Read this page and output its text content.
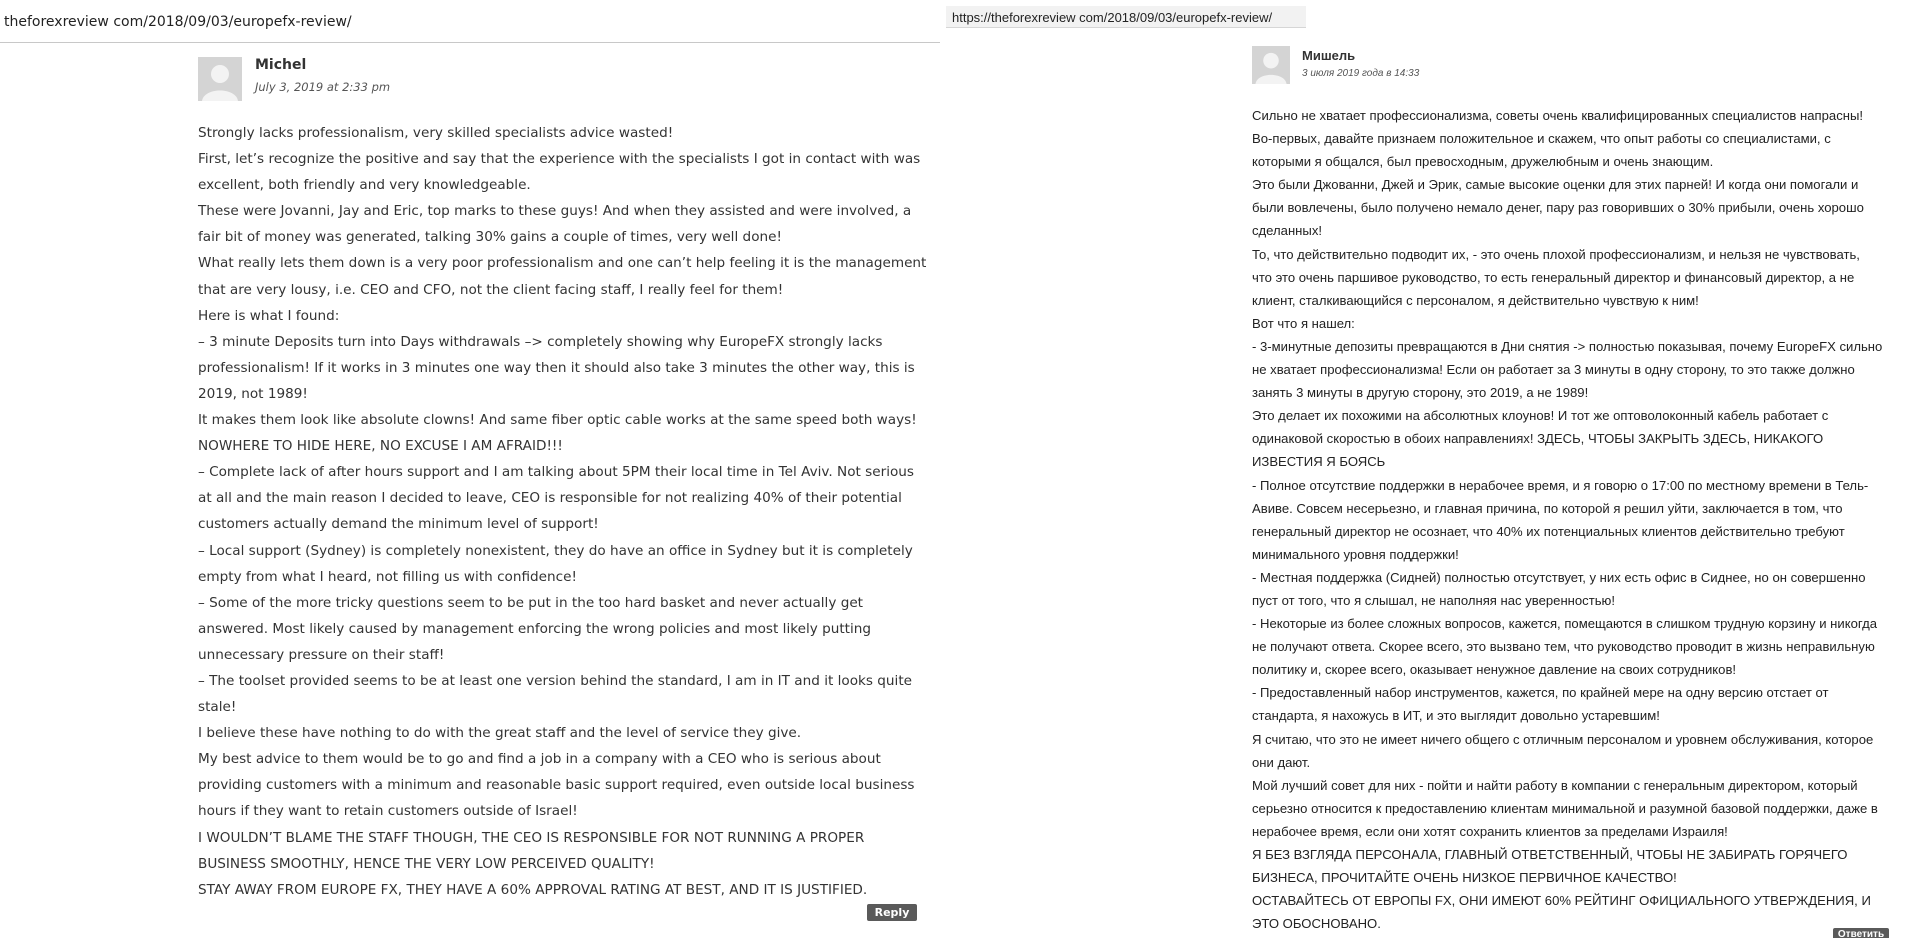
theforexreview com/2018/09/03/europefx-review/
Michel
July 3, 2019 at 2:33 pm

Strongly lacks professionalism, very skilled specialists advice wasted!

First, let’s recognize the positive and say that the experience with the specialists I got in contact with was

excellent, both friendly and very knowledgeable.

These were Jovanni, Jay and Eric, top marks to these guys! And when they assisted and were involved, a

fair bit of money was generated, talking 30% gains a couple of times, very well done!

What really lets them down is a very poor professionalism and one can’t help feeling it is the management

that are very lousy, i.e. CEO and CFO, not the client facing staff, I really feel for them!

Here is what I found:

– 3 minute Deposits turn into Days withdrawals –> completely showing why EuropeFX strongly lacks

professionalism! If it works in 3 minutes one way then it should also take 3 minutes the other way, this is

2019, not 1989!

It makes them look like absolute clowns! And same fiber optic cable works at the same speed both ways!

NOWHERE TO HIDE HERE, NO EXCUSE I AM AFRAID!!!

– Complete lack of after hours support and I am talking about 5PM their local time in Tel Aviv. Not serious

at all and the main reason I decided to leave, CEO is responsible for not realizing 40% of their potential

customers actually demand the minimum level of support!

– Local support (Sydney) is completely nonexistent, they do have an office in Sydney but it is completely

empty from what I heard, not filling us with confidence!

– Some of the more tricky questions seem to be put in the too hard basket and never actually get

answered. Most likely caused by management enforcing the wrong policies and most likely putting

unnecessary pressure on their staff!

– The toolset provided seems to be at least one version behind the standard, I am in IT and it looks quite

stale!

I believe these have nothing to do with the great staff and the level of service they give.

My best advice to them would be to go and find a job in a company with a CEO who is serious about

providing customers with a minimum and reasonable basic support required, even outside local business

hours if they want to retain customers outside of Israel!

I WOULDN’T BLAME THE STAFF THOUGH, THE CEO IS RESPONSIBLE FOR NOT RUNNING A PROPER

BUSINESS SMOOTHLY, HENCE THE VERY LOW PERCEIVED QUALITY!

STAY AWAY FROM EUROPE FX, THEY HAVE A 60% APPROVAL RATING AT BEST, AND IT IS JUSTIFIED.

Reply
https://theforexreview com/2018/09/03/europefx-review/
Мишель
3 июля 2019 года в 14:33

Сильно не хватает профессионализма, советы очень квалифицированных специалистов напрасны!

Во-первых, давайте признаем положительное и скажем, что опыт работы со специалистами, с

которыми я общался, был превосходным, дружелюбным и очень знающим.

Это были Джованни, Джей и Эрик, самые высокие оценки для этих парней! И когда они помогали и

были вовлечены, было получено немало денег, пару раз говоривших о 30% прибыли, очень хорошо

сделанных!

То, что действительно подводит их, - это очень плохой профессионализм, и нельзя не чувствовать,

что это очень паршивое руководство, то есть генеральный директор и финансовый директор, а не

клиент, сталкивающийся с персоналом, я действительно чувствую к ним!

Вот что я нашел:

- 3-минутные депозиты превращаются в Дни снятия -> полностью показывая, почему EuropeFX сильно

не хватает профессионализма! Если он работает за 3 минуты в одну сторону, то это также должно

занять 3 минуты в другую сторону, это 2019, а не 1989!

Это делает их похожими на абсолютных клоунов! И тот же оптоволоконный кабель работает с

одинаковой скоростью в обоих направлениях! ЗДЕСЬ, ЧТОБЫ ЗАКРЫТЬ ЗДЕСЬ, НИКАКОГО

ИЗВЕСТИЯ Я БОЯСЬ

- Полное отсутствие поддержки в нерабочее время, и я говорю о 17:00 по местному времени в Тель-

Авиве. Совсем несерьезно, и главная причина, по которой я решил уйти, заключается в том, что

генеральный директор не осознает, что 40% их потенциальных клиентов действительно требуют

минимального уровня поддержки!

- Местная поддержка (Сидней) полностью отсутствует, у них есть офис в Сиднее, но он совершенно

пуст от того, что я слышал, не наполняя нас уверенностью!

- Некоторые из более сложных вопросов, кажется, помещаются в слишком трудную корзину и никогда

не получают ответа. Скорее всего, это вызвано тем, что руководство проводит в жизнь неправильную

политику и, скорее всего, оказывает ненужное давление на своих сотрудников!

- Предоставленный набор инструментов, кажется, по крайней мере на одну версию отстает от

стандарта, я нахожусь в ИТ, и это выглядит довольно устаревшим!

Я считаю, что это не имеет ничего общего с отличным персоналом и уровнем обслуживания, которое

они дают.

Мой лучший совет для них - пойти и найти работу в компании с генеральным директором, который

серьезно относится к предоставлению клиентам минимальной и разумной базовой поддержки, даже в

нерабочее время, если они хотят сохранить клиентов за пределами Израиля!

Я БЕЗ ВЗГЛЯДА ПЕРСОНАЛА, ГЛАВНЫЙ ОТВЕТСТВЕННЫЙ, ЧТОБЫ НЕ ЗАБИРАТЬ ГОРЯЧЕГО

БИЗНЕСА, ПРОЧИТАЙТЕ ОЧЕНЬ НИЗКОЕ ПЕРВИЧНОЕ КАЧЕСТВО!

ОСТАВАЙТЕСЬ ОТ ЕВРОПЫ FX, ОНИ ИМЕЮТ 60% РЕЙТИНГ ОФИЦИАЛЬНОГО УТВЕРЖДЕНИЯ, И

ЭТО ОБОСНОВАНО.

Ответить
